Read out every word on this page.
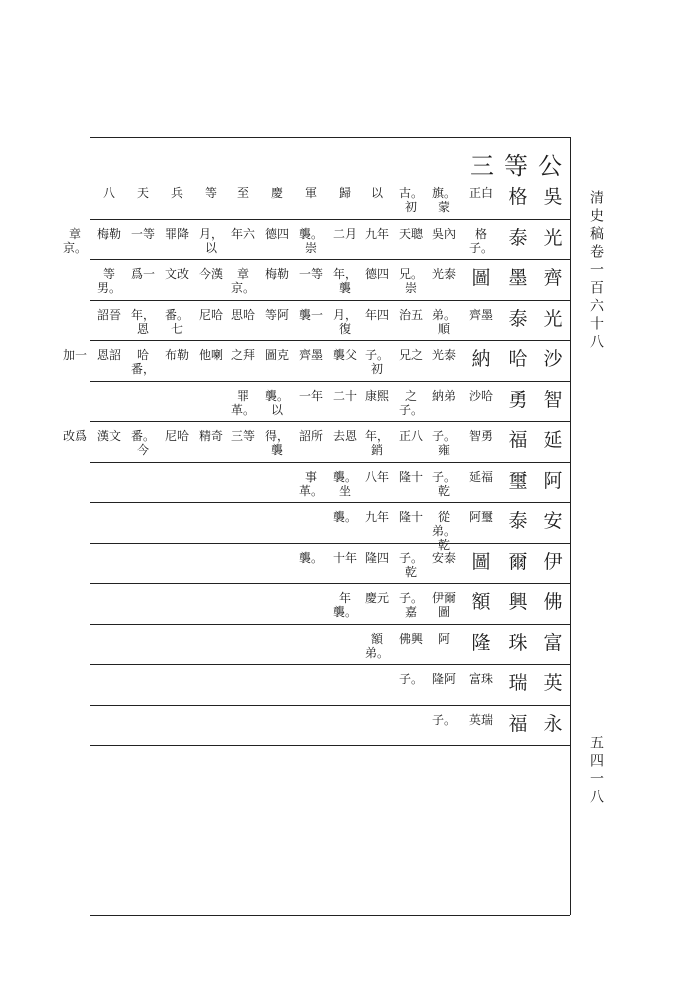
三等公
清史稿卷一百六十八
五四一八
吳
格
正白
旗。蒙
古。初
以
歸
軍
慶
至
等
兵
天
八
光
泰
格子。
吳內
天聰
九年
二月
襲。崇
德四
年六
月，以
罪降
一等
梅勒
章京。
齊
墨
圖
光泰
兄。崇
德四
年，襲
一等
梅勒
章京。
今漢
文改
爲一
等男。
光
泰
齊墨
弟。順
治五
年四
月，復
襲一
等阿
思哈
尼哈
番。七
年，恩
詔晉
沙
哈
納
光泰
兄之
子。初
襲父
齊墨
圖克
之拜
他喇
布勒
哈番，
恩詔
加一
智
勇
沙哈
納弟
之子。
康熙
二十
一年
襲。以
罪革。
延
福
智勇
子。雍
正八
年，銷
去恩
詔所
得，襲
三等
精奇
尼哈
番。今
漢文
改爲
阿
璽
延福
子。乾
隆十
八年
襲。坐
事革。
安
泰
阿璽
從弟。乾
隆十
九年
襲。
伊
爾
圖
安泰
子。乾
隆四
十年
襲。
佛
興
額
伊爾圖
子。嘉
慶元
年襲。
富
珠
隆
阿
佛興
額弟。
英
瑞
富珠
隆阿
子。
永
福
英瑞
子。
